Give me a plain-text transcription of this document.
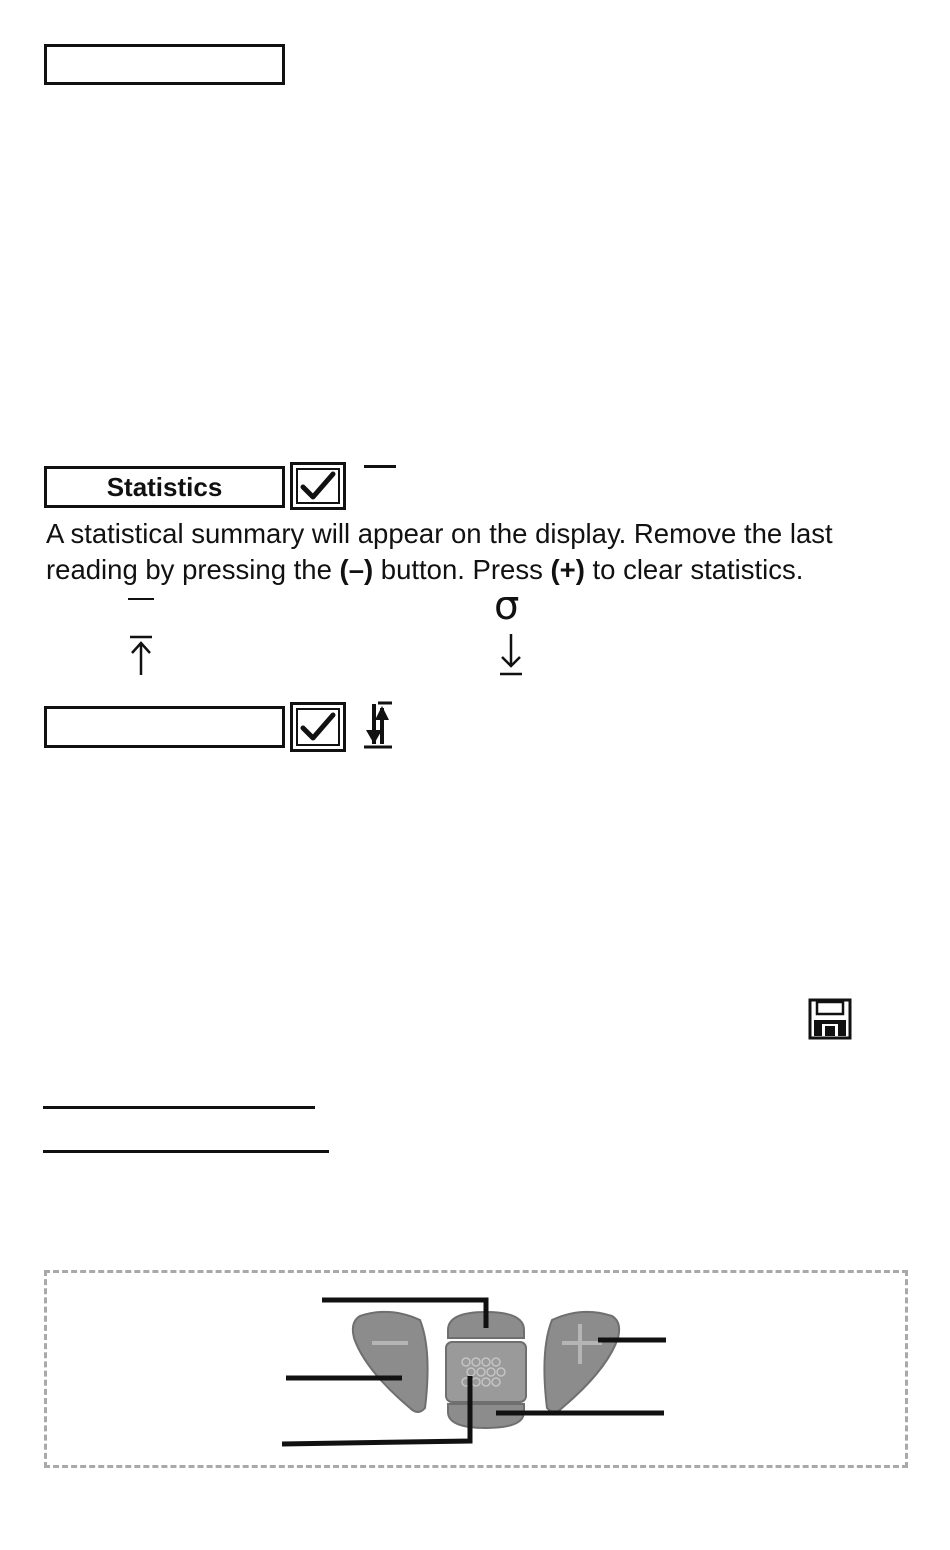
Statistics
A statistical summary will appear on the display. Remove the last reading by pressing the (–) button. Press (+) to clear statistics.
σ
